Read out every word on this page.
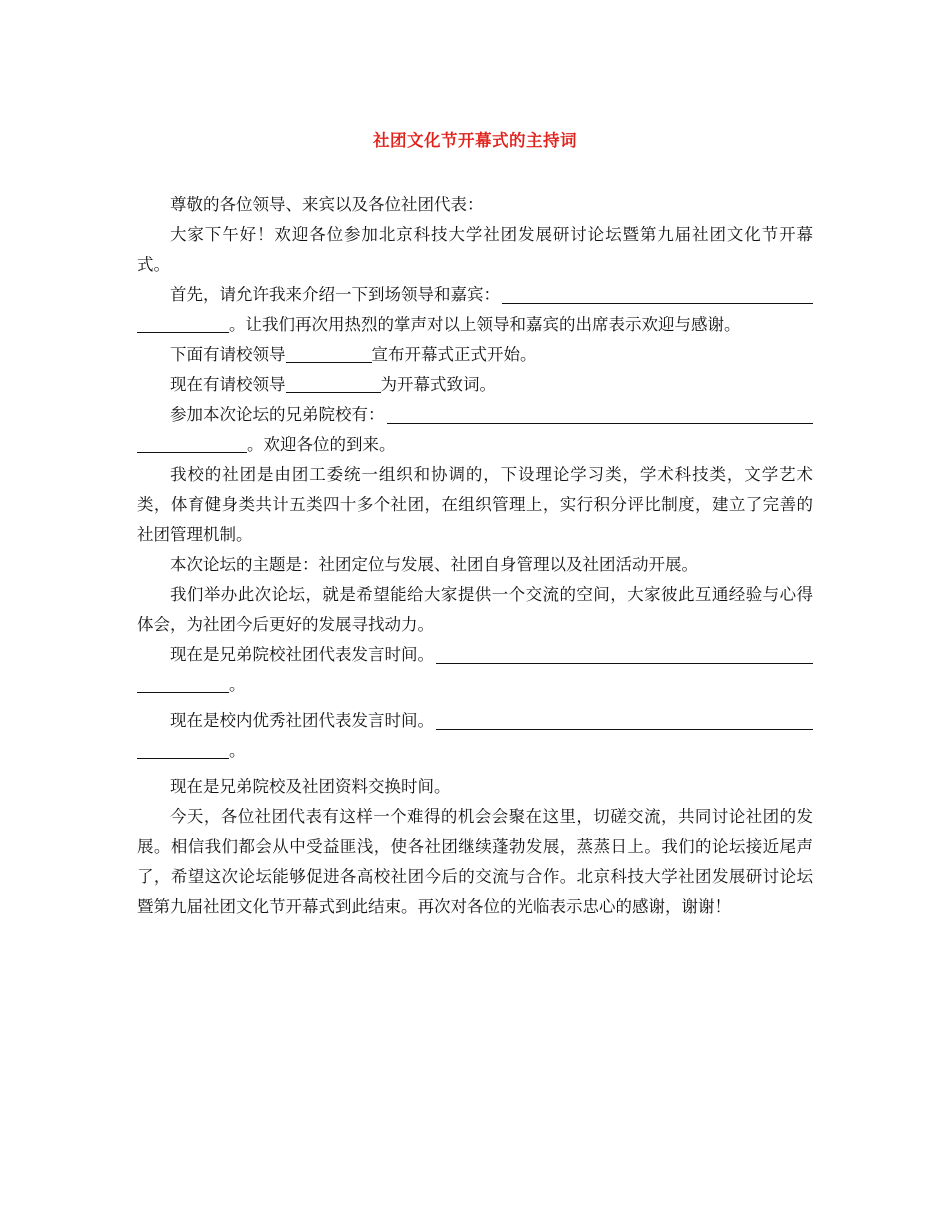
社团文化节开幕式的主持词

尊敬的各位领导、来宾以及各位社团代表：

大家下午好！欢迎各位参加北京科技大学社团发展研讨论坛暨第九届社团文化节开幕式。

首先，请允许我来介绍一下到场领导和嘉宾：
。让我们再次用热烈的掌声对以上领导和嘉宾的出席表示欢迎与感谢。
下面有请校领导	宣布开幕式正式开始。
现在有请校领导	为开幕式致词。
参加本次论坛的兄弟院校有：
。欢迎各位的到来。

我校的社团是由团工委统一组织和协调的，下设理论学习类，学术科技类，文学艺术类，体育健身类共计五类四十多个社团，在组织管理上，实行积分评比制度，建立了完善的社团管理机制。

本次论坛的主题是：社团定位与发展、社团自身管理以及社团活动开展。

我们举办此次论坛，就是希望能给大家提供一个交流的空间，大家彼此互通经验与心得体会，为社团今后更好的发展寻找动力。

现在是兄弟院校社团代表发言时间。
。
现在是校内优秀社团代表发言时间。
。

现在是兄弟院校及社团资料交换时间。

今天，各位社团代表有这样一个难得的机会会聚在这里，切磋交流，共同讨论社团的发展。相信我们都会从中受益匪浅，使各社团继续蓬勃发展，蒸蒸日上。我们的论坛接近尾声了，希望这次论坛能够促进各高校社团今后的交流与合作。北京科技大学社团发展研讨论坛暨第九届社团文化节开幕式到此结束。再次对各位的光临表示忠心的感谢，谢谢！
